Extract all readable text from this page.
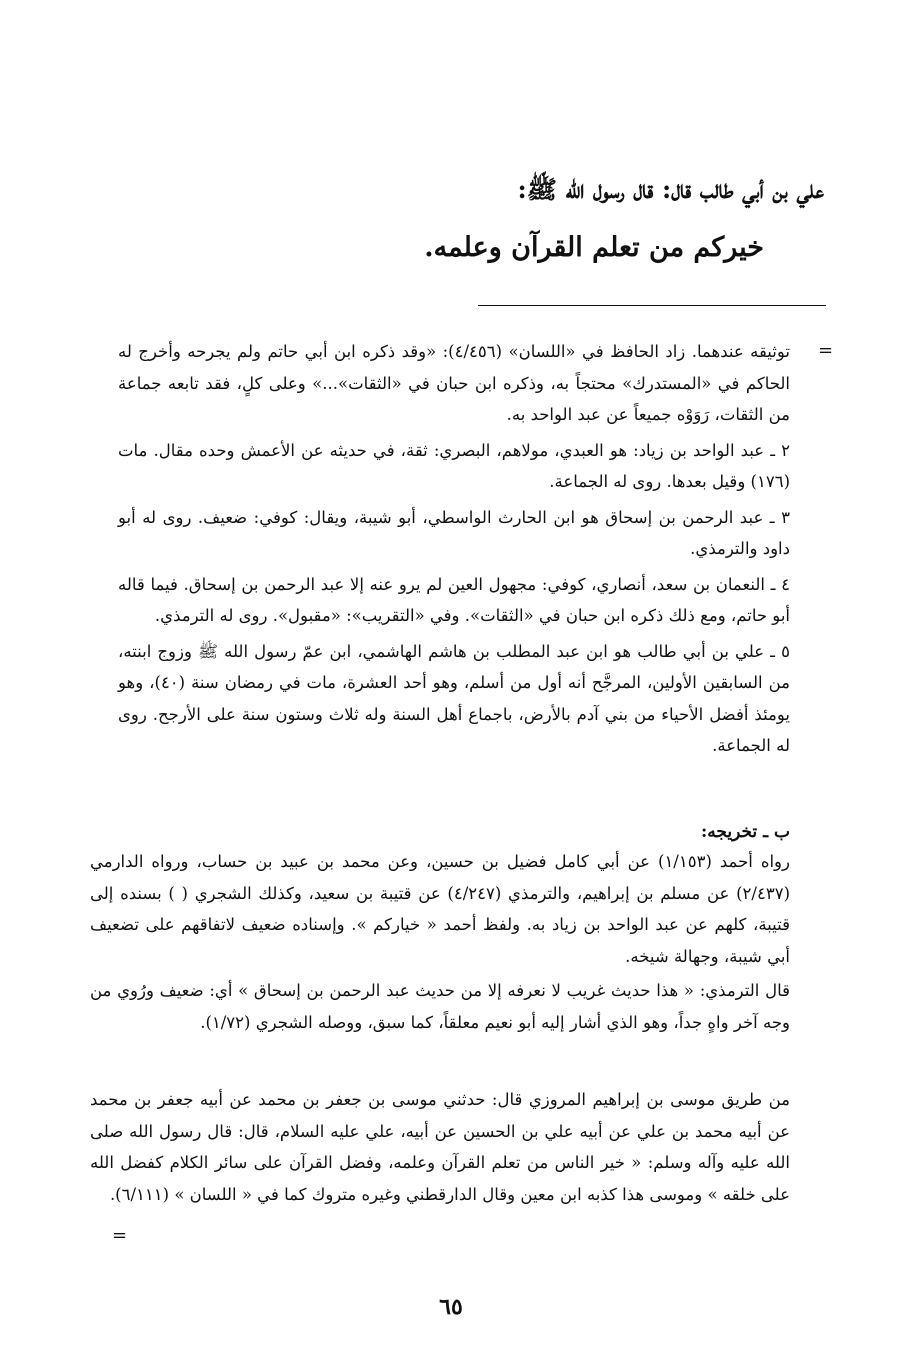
علي بن أبي طالب قال: قال رسول الله ﷺ:
خيركم من تعلم القرآن وعلمه.
=

توثيقه عندهما. زاد الحافظ في «اللسان» (٤/٤٥٦): «وقد ذكره ابن أبي حاتم ولم يجرحه وأخرج له الحاكم في «المستدرك» محتجاً به، وذكره ابن حبان في «الثقات»...» وعلى كلٍ، فقد تابعه جماعة من الثقات، رَوَوْه جميعاً عن عبد الواحد به.

٢ ـ عبد الواحد بن زياد: هو العبدي، مولاهم، البصري: ثقة، في حديثه عن الأعمش وحده مقال. مات (١٧٦) وقيل بعدها. روى له الجماعة.

٣ ـ عبد الرحمن بن إسحاق هو ابن الحارث الواسطي، أبو شيبة، ويقال: كوفي: ضعيف. روى له أبو داود والترمذي.

٤ ـ النعمان بن سعد، أنصاري، كوفي: مجهول العين لم يرو عنه إلا عبد الرحمن بن إسحاق. فيما قاله أبو حاتم، ومع ذلك ذكره ابن حبان في «الثقات». وفي «التقريب»: «مقبول». روى له الترمذي.

٥ ـ علي بن أبي طالب هو ابن عبد المطلب بن هاشم الهاشمي، ابن عمّ رسول الله ﷺ وزوج ابنته، من السابقين الأولين، المرجَّح أنه أول من أسلم، وهو أحد العشرة، مات في رمضان سنة (٤٠)، وهو يومئذ أفضل الأحياء من بني آدم بالأرض، باجماع أهل السنة وله ثلاث وستون سنة على الأرجح. روى له الجماعة.

ب ـ تخريجه:

رواه أحمد (١/١٥٣) عن أبي كامل فضيل بن حسين، وعن محمد بن عبيد بن حساب، ورواه الدارمي (٢/٤٣٧) عن مسلم بن إبراهيم، والترمذي (٤/٢٤٧) عن قتيبة بن سعيد، وكذلك الشجري ( ) بسنده إلى قتيبة، كلهم عن عبد الواحد بن زياد به. ولفظ أحمد « خياركم ». وإسناده ضعيف لاتفاقهم على تضعيف أبي شيبة، وجهالة شيخه.

قال الترمذي: « هذا حديث غريب لا نعرفه إلا من حديث عبد الرحمن بن إسحاق » أي: ضعيف ورُوي من وجه آخر واهٍ جداً، وهو الذي أشار إليه أبو نعيم معلقاً، كما سبق، ووصله الشجري (١/٧٢).

من طريق موسى بن إبراهيم المروزي قال: حدثني موسى بن جعفر بن محمد عن أبيه جعفر بن محمد عن أبيه محمد بن علي عن أبيه علي بن الحسين عن أبيه، علي عليه السلام، قال: قال رسول الله صلى الله عليه وآله وسلم: « خير الناس من تعلم القرآن وعلمه، وفضل القرآن على سائر الكلام كفضل الله على خلقه » وموسى هذا كذبه ابن معين وقال الدارقطني وغيره متروك كما في « اللسان » (٦/١١١).
=
٦٥
